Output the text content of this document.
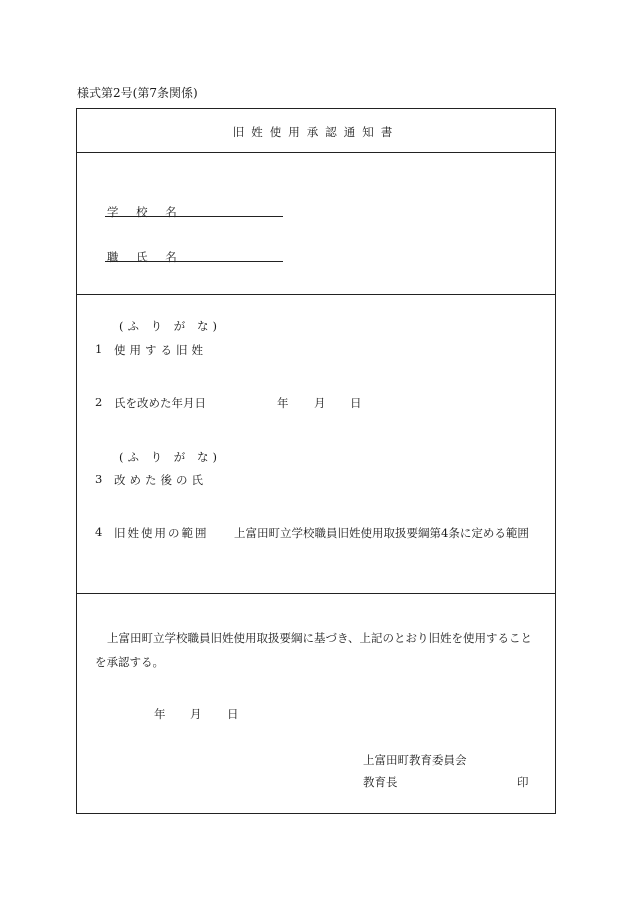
様式第2号(第7条関係)
旧姓使用承認通知書
学 校 名
職 氏 名
(ふ り が な)
1 使用する旧姓
2 氏を改めた年月日	年 月 日
(ふ り が な)
3 改めた後の氏
4 旧姓使用の範囲 上富田町立学校職員旧姓使用取扱要綱第4条に定める範囲
上富田町立学校職員旧姓使用取扱要綱に基づき、上記のとおり旧姓を使用すること
を承認する。
年 月 日
上富田町教育委員会
教育長	印
